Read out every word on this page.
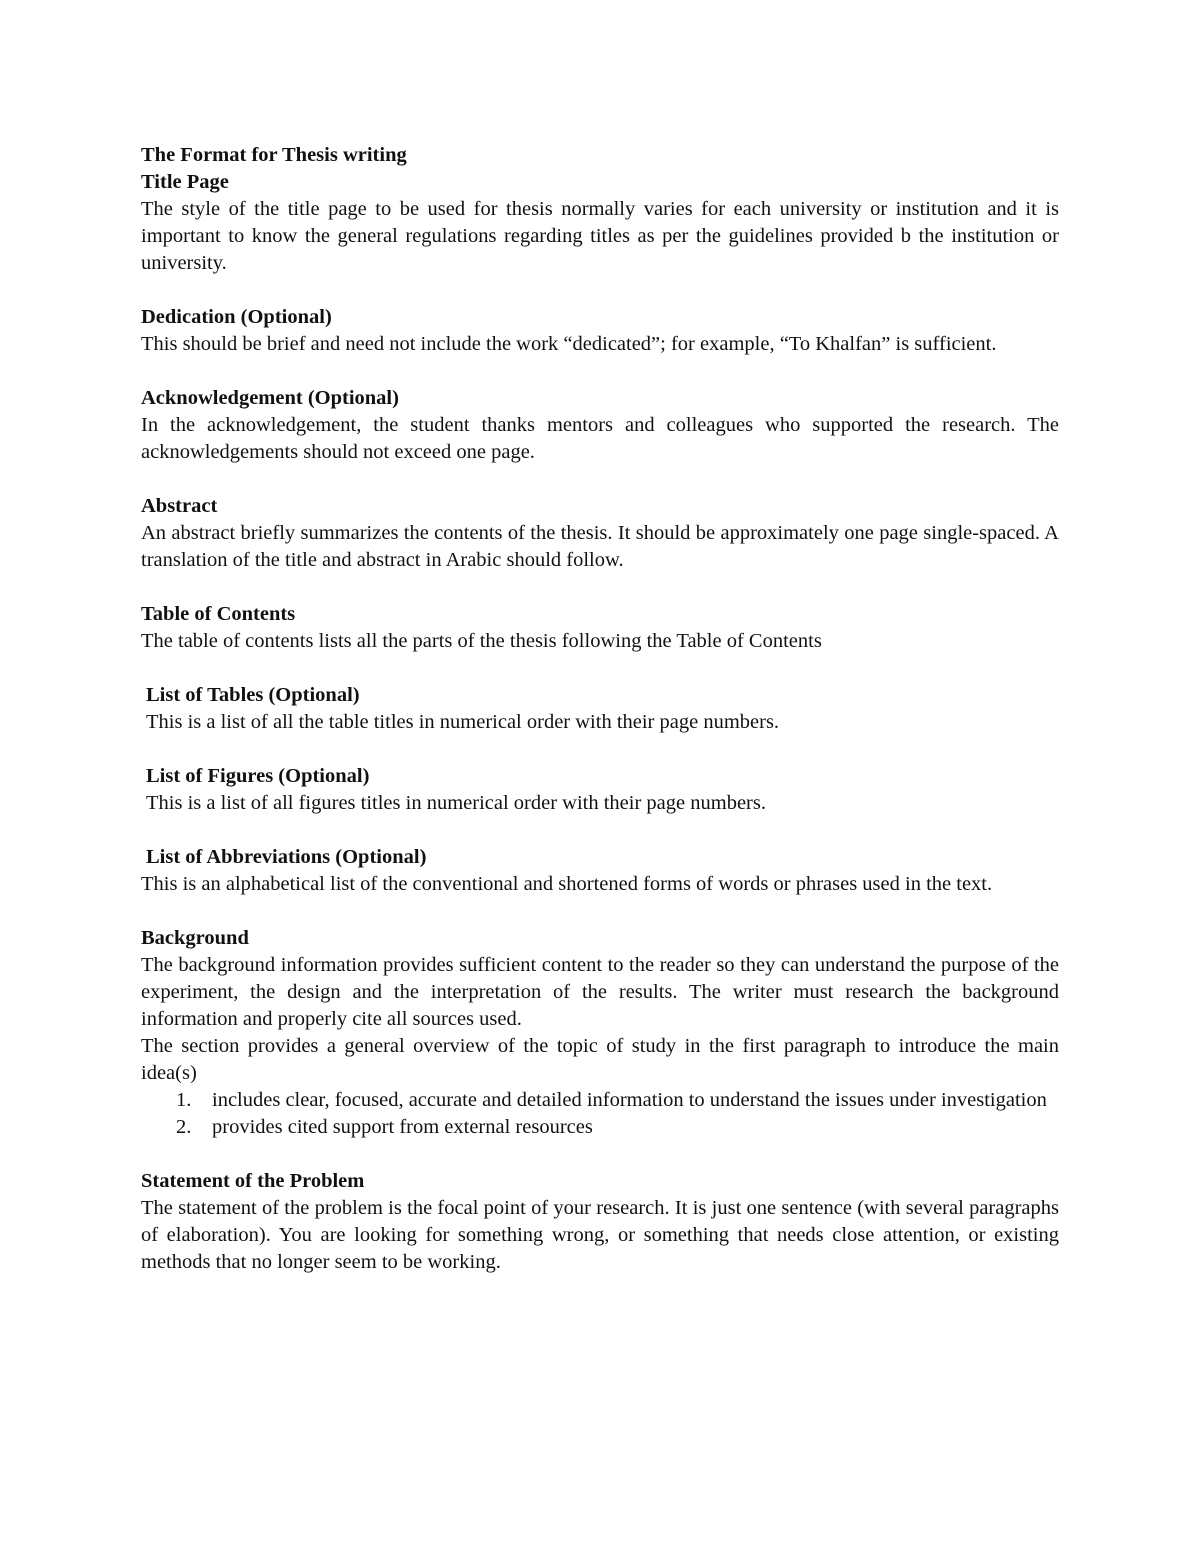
The Format for Thesis writing

Title Page

The style of the title page to be used for thesis normally varies for each university or institution and it is important to know the general regulations regarding titles as per the guidelines provided b the institution or university.

Dedication (Optional)

This should be brief and need not include the work “dedicated”; for example, “To Khalfan” is sufficient.

Acknowledgement (Optional)

In the acknowledgement, the student thanks mentors and colleagues who supported the research. The acknowledgements should not exceed one page.

Abstract

An abstract briefly summarizes the contents of the thesis. It should be approximately one page single-spaced. A translation of the title and abstract in Arabic should follow.

Table of Contents

The table of contents lists all the parts of the thesis following the Table of Contents

List of Tables (Optional)

This is a list of all the table titles in numerical order with their page numbers.

List of Figures (Optional)

This is a list of all figures titles in numerical order with their page numbers.

List of Abbreviations (Optional)

This is an alphabetical list of the conventional and shortened forms of words or phrases used in the text.

Background

The background information provides sufficient content to the reader so they can understand the purpose of the experiment, the design and the interpretation of the results. The writer must research the background information and properly cite all sources used.

The section provides a general overview of the topic of study in the first paragraph to introduce the main idea(s)

1. includes clear, focused, accurate and detailed information to understand the issues under investigation
2. provides cited support from external resources

Statement of the Problem

The statement of the problem is the focal point of your research. It is just one sentence (with several paragraphs of elaboration). You are looking for something wrong, or something that needs close attention, or existing methods that no longer seem to be working.
